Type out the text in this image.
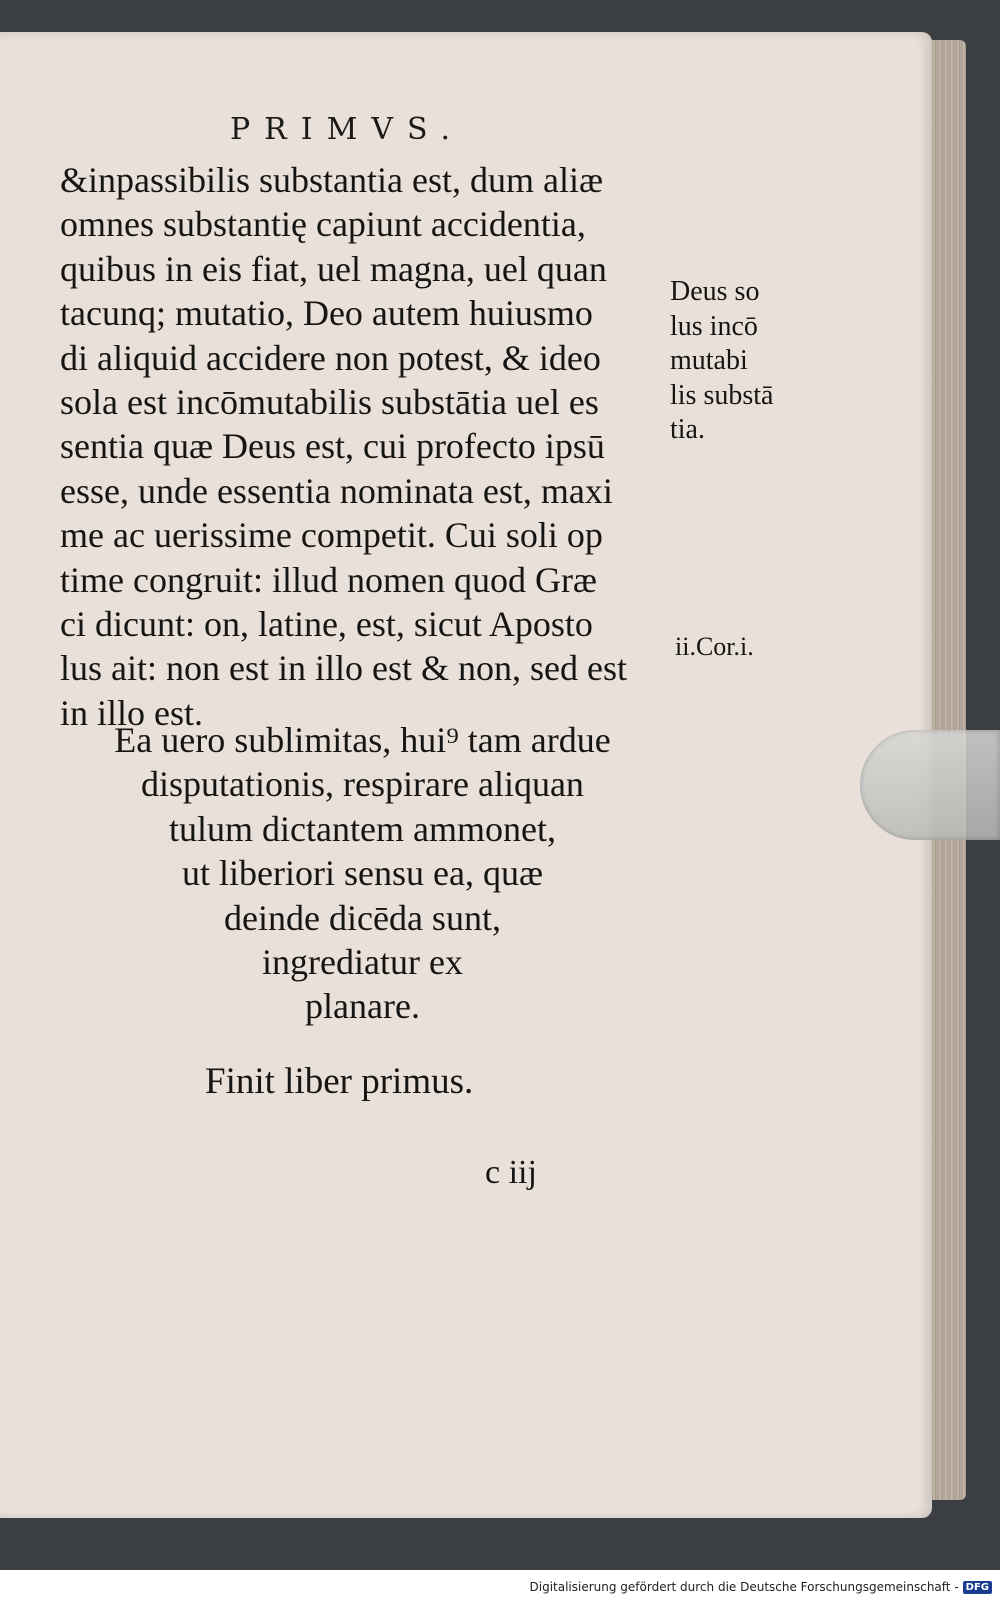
PRIMVS.
&inpassibilis substantia est, dum aliæ
omnes substantię capiunt accidentia,
quibus in eis fiat, uel magna, uel quan
tacunq; mutatio, Deo autem huiusmo
di aliquid accidere non potest, & ideo
sola est incōmutabilis substātia uel es
sentia quæ Deus est, cui profecto ipsū
esse, unde essentia nominata est, maxi
me ac uerissime competit. Cui soli op
time congruit: illud nomen quod Græ
ci dicunt: on, latine, est, sicut Aposto
lus ait: non est in illo est & non, sed est
in illo est.
Ea uero sublimitas, hui⁹ tam ardue
disputationis, respirare aliquan
tulum dictantem ammonet,
ut liberiori sensu ea, quæ
deinde dicēda sunt,
ingrediatur ex
planare.
Finit liber primus.
c iij
Deus so
lus incō
mutabi
lis substā
tia.
ii.Cor.i.
Digitalisierung gefördert durch die Deutsche Forschungsgemeinschaft - DFG
